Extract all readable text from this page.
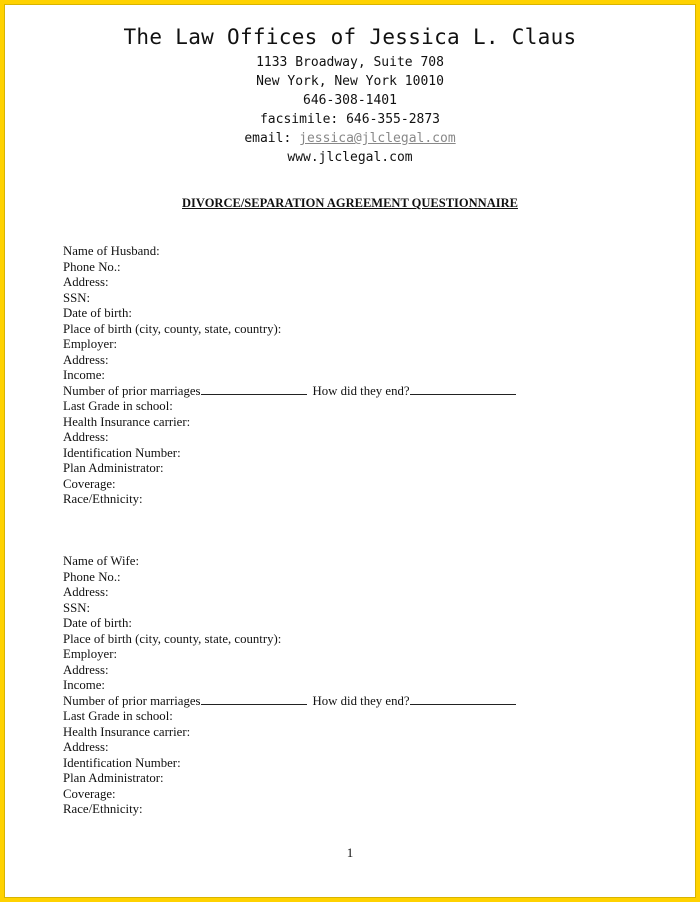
The Law Offices of Jessica L. Claus

1133 Broadway, Suite 708

New York, New York 10010

646-308-1401

facsimile: 646-355-2873

email: jessica@jlclegal.com

www.jlclegal.com

DIVORCE/SEPARATION AGREEMENT QUESTIONNAIRE

Name of Husband:
Phone No.:
Address:
SSN:
Date of birth:
Place of birth (city, county, state, country):
Employer:
Address:
Income:
Number of prior marriages	How did they end?
Last Grade in school:
Health Insurance carrier:
Address:
Identification Number:
Plan Administrator:
Coverage:
Race/Ethnicity:
Name of Wife:
Phone No.:
Address:
SSN:
Date of birth:
Place of birth (city, county, state, country):
Employer:
Address:
Income:
Number of prior marriages	How did they end?
Last Grade in school:
Health Insurance carrier:
Address:
Identification Number:
Plan Administrator:
Coverage:
Race/Ethnicity:
1
